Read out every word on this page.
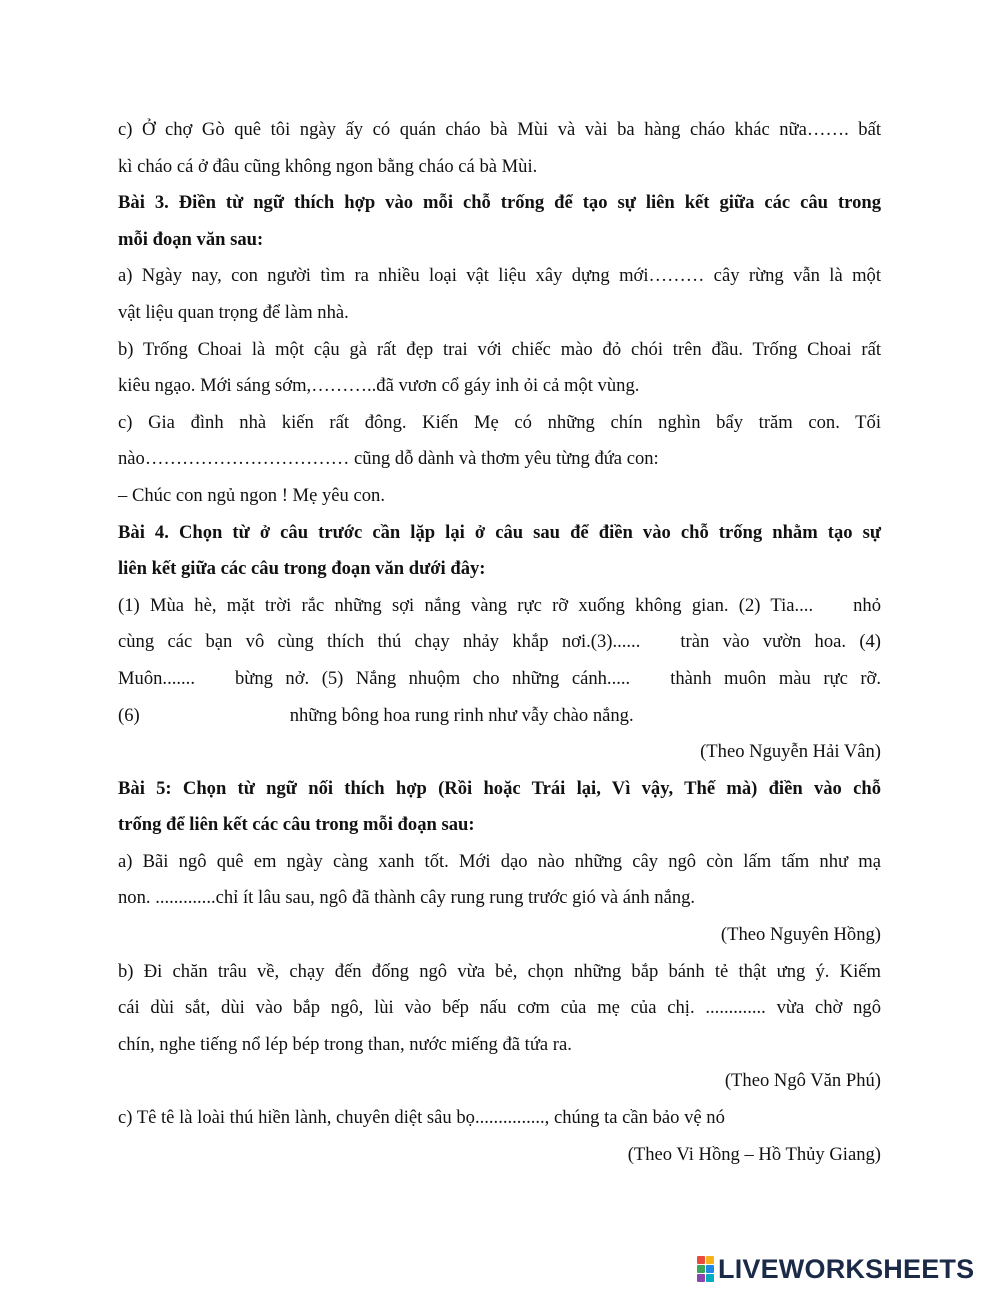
c) Ở chợ Gò quê tôi ngày ấy có quán cháo bà Mùi và vài ba hàng cháo khác nữa……. bất
kì cháo cá ở đâu cũng không ngon bằng cháo cá bà Mùi.
Bài 3. Điền từ ngữ thích hợp vào mỗi chỗ trống để tạo sự liên kết giữa các câu trong
mỗi đoạn văn sau:
a) Ngày nay, con người tìm ra nhiều loại vật liệu xây dựng mới……… cây rừng vẫn là một
vật liệu quan trọng để làm nhà.
b) Trống Choai là một cậu gà rất đẹp trai với chiếc mào đỏ chói trên đầu. Trống Choai rất
kiêu ngạo. Mới sáng sớm,………..đã vươn cổ gáy inh ỏi cả một vùng.
c) Gia đình nhà kiến rất đông. Kiến Mẹ có những chín nghìn bẩy trăm con. Tối
nào…………………………… cũng dỗ dành và thơm yêu từng đứa con:
– Chúc con ngủ ngon ! Mẹ yêu con.
Bài 4. Chọn từ ở câu trước cần lặp lại ở câu sau để điền vào chỗ trống nhằm tạo sự
liên kết giữa các câu trong đoạn văn dưới đây:
(1) Mùa hè, mặt trời rắc những sợi nắng vàng rực rỡ xuống không gian. (2) Tia.... nhỏ
cùng các bạn vô cùng thích thú chạy nhảy khắp nơi.(3)...... tràn vào vườn hoa. (4)
Muôn....... bừng nở. (5) Nắng nhuộm cho những cánh..... thành muôn màu rực rỡ.
(6)	những bông hoa rung rinh như vẫy chào nắng.
(Theo Nguyễn Hải Vân)
Bài 5: Chọn từ ngữ nối thích hợp (Rồi hoặc Trái lại, Vì vậy, Thế mà) điền vào chỗ
trống để liên kết các câu trong mỗi đoạn sau:
a) Bãi ngô quê em ngày càng xanh tốt. Mới dạo nào những cây ngô còn lấm tấm như mạ
non. .............chỉ ít lâu sau, ngô đã thành cây rung rung trước gió và ánh nắng.
(Theo Nguyên Hồng)
b) Đi chăn trâu về, chạy đến đống ngô vừa bẻ, chọn những bắp bánh tẻ thật ưng ý. Kiếm
cái dùi sắt, dùi vào bắp ngô, lùi vào bếp nấu cơm của mẹ của chị. ............. vừa chờ ngô
chín, nghe tiếng nổ lép bép trong than, nước miếng đã tứa ra.
(Theo Ngô Văn Phú)
c) Tê tê là loài thú hiền lành, chuyên diệt sâu bọ..............., chúng ta cần bảo vệ nó
(Theo Vi Hồng – Hồ Thủy Giang)
LIVEWORKSHEETS
